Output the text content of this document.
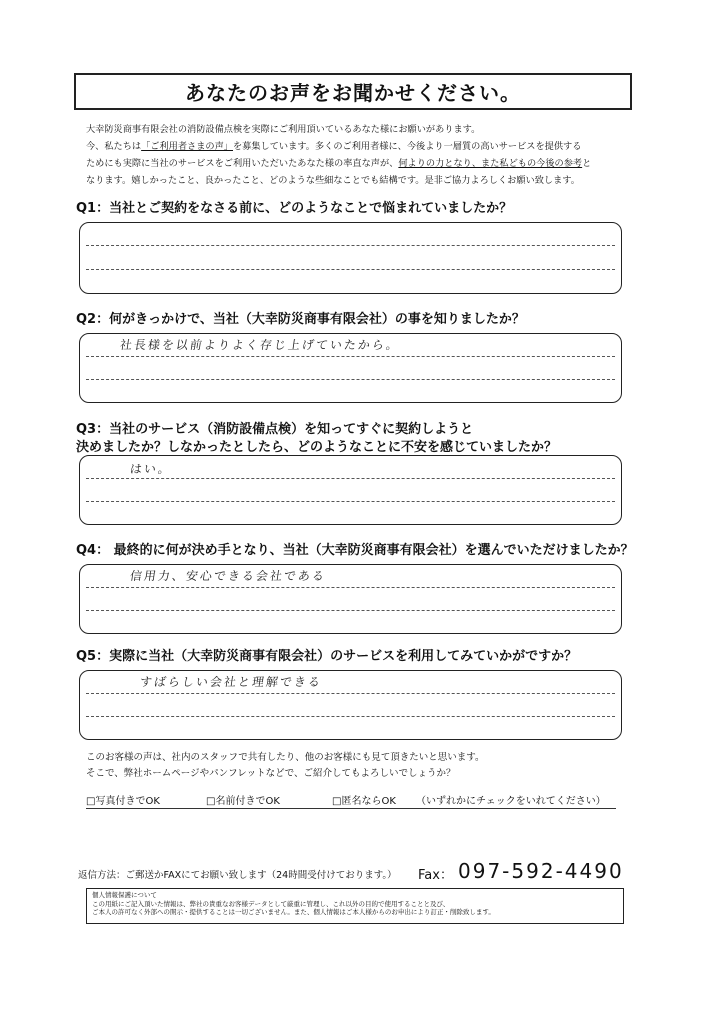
あなたのお声をお聞かせください。
大幸防災商事有限会社の消防設備点検を実際にご利用頂いているあなた様にお願いがあります。
今、私たちは「ご利用者さまの声」を募集しています。多くのご利用者様に、今後より一層質の高いサービスを提供する
ためにも実際に当社のサービスをご利用いただいたあなた様の率直な声が、何よりの力となり、また私どもの今後の参考と
なります。嬉しかったこと、良かったこと、どのような些細なことでも結構です。是非ご協力よろしくお願い致します。
Q1：当社とご契約をなさる前に、どのようなことで悩まれていましたか？
Q2：何がきっかけで、当社（大幸防災商事有限会社）の事を知りましたか？
社長様を以前よりよく存じ上げていたから。
Q3：当社のサービス（消防設備点検）を知ってすぐに契約しようと
決めましたか？しなかったとしたら、どのようなことに不安を感じていましたか？
はい。
Q4： 最終的に何が決め手となり、当社（大幸防災商事有限会社）を選んでいただけましたか？
信用力、安心できる会社である
Q5：実際に当社（大幸防災商事有限会社）のサービスを利用してみていかがですか？
すばらしい会社と理解できる
このお客様の声は、社内のスタッフで共有したり、他のお客様にも見て頂きたいと思います。
そこで、弊社ホームページやパンフレットなどで、ご紹介してもよろしいでしょうか？
□写真付きでOK	□名前付きでOK	□匿名ならOK （いずれかにチェックをいれてください）
返信方法：ご郵送かFAXにてお願い致します（24時間受付けております。） Fax： 097-592-4490
個人情報保護について
この用紙にご記入頂いた情報は、弊社の貴重なお客様データとして厳重に管理し、これ以外の目的で使用することと及び、
ご本人の許可なく外部への開示・提供することは一切ございません。また、個人情報はご本人様からのお申出により訂正・削除致します。
